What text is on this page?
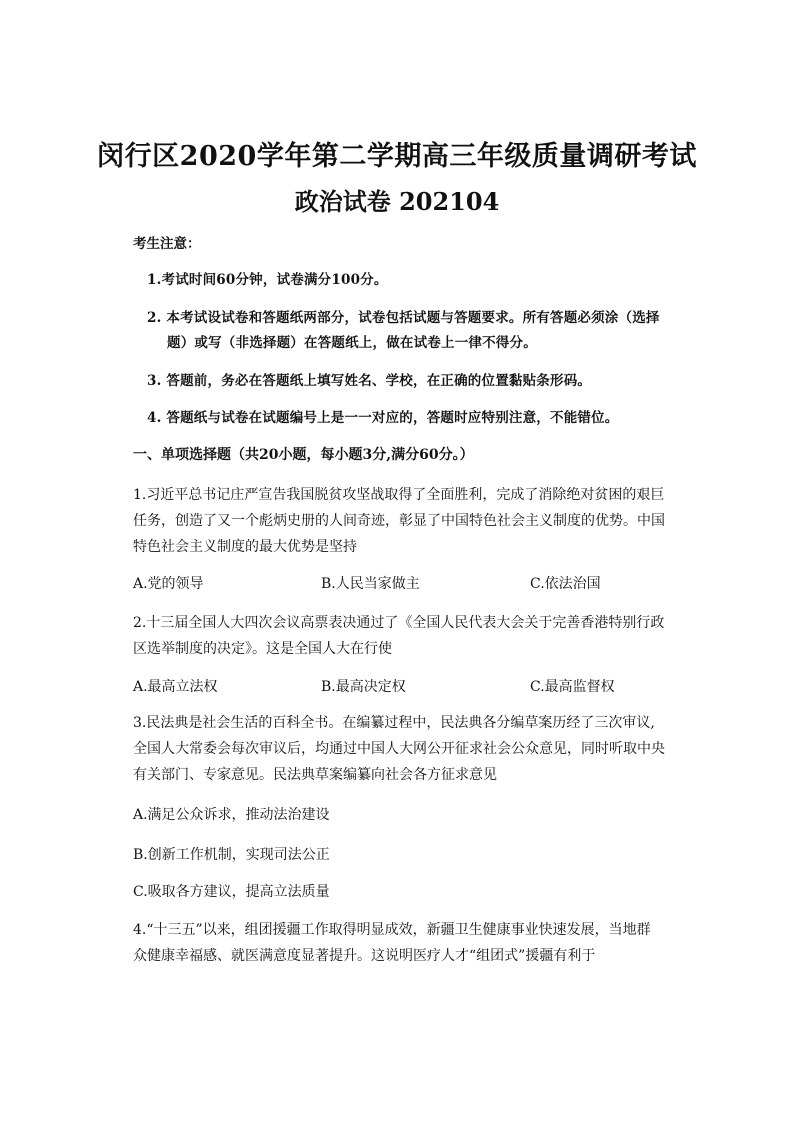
闵行区2020学年第二学期高三年级质量调研考试
政治试卷 202104
考生注意：
1.考试时间60分钟，试卷满分100分。
2. 本考试设试卷和答题纸两部分，试卷包括试题与答题要求。所有答题必须涂（选择
题）或写（非选择题）在答题纸上，做在试卷上一律不得分。
3. 答题前，务必在答题纸上填写姓名、学校，在正确的位置黏贴条形码。
4. 答题纸与试卷在试题编号上是一一对应的，答题时应特别注意，不能错位。
一、单项选择题（共20小题，每小题3分,满分60分。）
1.习近平总书记庄严宣告我国脱贫攻坚战取得了全面胜利，完成了消除绝对贫困的艰巨
任务，创造了又一个彪炳史册的人间奇迹，彰显了中国特色社会主义制度的优势。中国
特色社会主义制度的最大优势是坚持
A.党的领导	B.人民当家做主	C.依法治国
2.十三届全国人大四次会议高票表决通过了《全国人民代表大会关于完善香港特别行政
区选举制度的决定》。这是全国人大在行使
A.最高立法权	B.最高决定权	C.最高监督权
3.民法典是社会生活的百科全书。在编纂过程中，民法典各分编草案历经了三次审议,
全国人大常委会每次审议后，均通过中国人大网公开征求社会公众意见，同时听取中央
有关部门、专家意见。民法典草案编纂向社会各方征求意见
A.满足公众诉求，推动法治建设
B.创新工作机制，实现司法公正
C.吸取各方建议，提高立法质量
4.“十三五”以来，组团援疆工作取得明显成效，新疆卫生健康事业快速发展，当地群
众健康幸福感、就医满意度显著提升。这说明医疗人才“组团式”援疆有利于
